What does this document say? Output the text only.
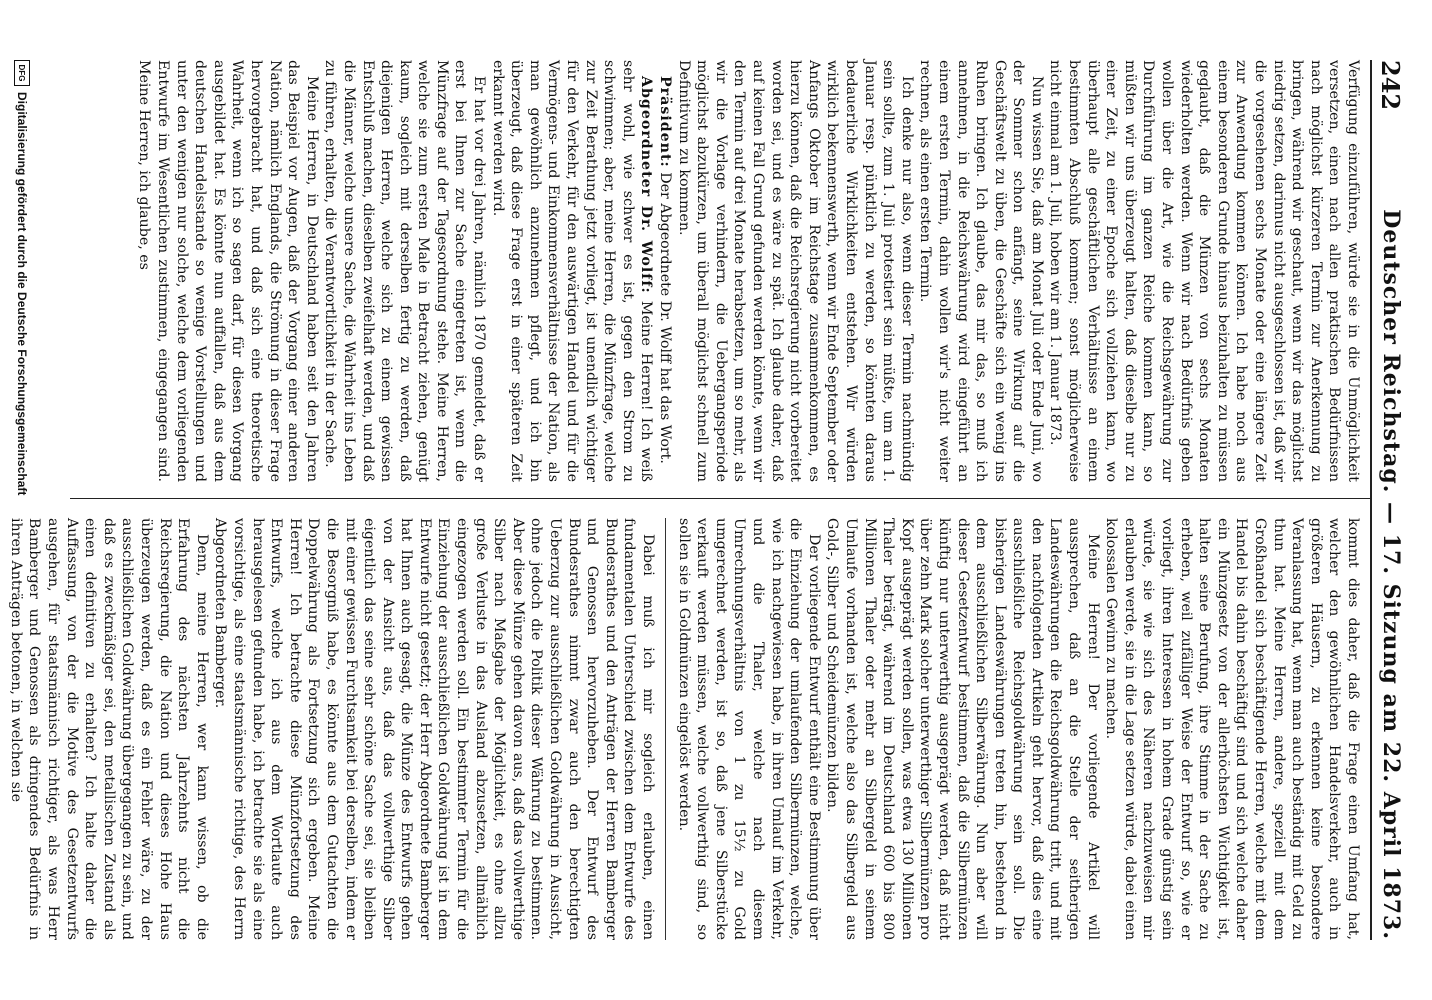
242
Deutscher Reichstag. — 17. Sitzung am 22. April 1873.

Verfügung einzuführen, würde sie in die Unmöglichkeit versetzen, einen nach allen praktischen Bedürfnissen nach möglichst kürzeren Termin zur Anerkennung zu bringen, während wir geschaut, wenn wir das möglichst niedrig setzen, darinnus nicht ausgeschlossen ist, daß wir die vorgesehenen sechs Monate oder eine längere Zeit zur Anwendung kommen können. Ich habe noch aus einem besonderen Grunde hinaus beizuhalten zu müssen geglaubt, daß die Münzen von sechs Monaten wiederholten werden. Wenn wir nach Bedürfnis geben wollen über die Art, wie die Reichsgewährung zur Durchführung im ganzen Reiche kommen kann, so müßten wir uns überzeugt halten, daß dieselbe nur zu einer Zeit, zu einer Epoche sich vollziehen kann, wo überhaupt alle geschäftlichen Verhältnisse an einem bestimmten Abschluß kommen; sonst möglicherweise nicht einmal am 1. Juli, hoben wir am 1. Januar 1873.

Nun wissen Sie, daß am Monat Juli oder Ende Juni, wo der Sommer schon anfängt, seine Wirkung auf die Geschäftswelt zu üben, die Geschäfte sich ein wenig ins Ruhen bringen. Ich glaube, das mir das, so muß ich annehmen, in die Reichswährung wird eingeführt an einem ersten Termin, dahin wollen wir's nicht weiter rechnen, als einen ersten Termin.

Ich denke nur also, wenn dieser Termin nachmündig sein sollte, zum 1. Juli protestiert sein müßte, um am 1. Januar resp. pünktlich zu werden, so könnten daraus bedauerliche Wirklichkeiten entstehen. Wir würden wirklich bekennenswerth, wenn wir Ende September oder Anfangs Oktober im Reichstage zusammenkommen, es hierzu können, daß die Reichsregierung nicht vorbereitet worden sei, und es wäre zu spät. Ich glaube daher, daß auf keinen Fall Grund gefunden werden könnte, wenn wir den Termin auf drei Monate herabsetzen, um so mehr, als wir die Vorlage verhindern, die Uebergangsperiode möglichst abzukürzen, um überall möglichst schnell zum Definitivum zu kommen.

Präsident: Der Abgeordnete Dr. Wolff hat das Wort.

Abgeordneter Dr. Wolff: Meine Herren! Ich weiß sehr wohl, wie schwer es ist, gegen den Strom zu schwimmen; aber, meine Herren, die Münzfrage, welche zur Zeit Berathung jetzt vorliegt, ist unendlich wichtiger für den Verkehr, für den auswärtigen Handel und für die Vermögens- und Einkommensverhältnisse der Nation, als man gewöhnlich anzunehmen pflegt, und ich bin überzeugt, daß diese Frage erst in einer späteren Zeit erkannt werden wird.

Er hat vor drei Jahren, nämlich 1870 gemeldet, daß er erst bei Ihnen zur Sache eingetreten ist, wenn die Münzfrage auf der Tagesordnung stehe. Meine Herren, welche sie zum ersten Male in Betracht ziehen, genügt kaum, sogleich mit derselben fertig zu werden, daß diejenigen Herren, welche sich zu einem gewissen Entschluß machen, dieselben zweifelhaft werden, und daß die Männer, welche unsere Sache, die Wahrheit ins Leben zu führen, erhalten, die Verantwortlichkeit in der Sache.

Meine Herren, in Deutschland haben seit den Jahren das Beispiel vor Augen, daß der Vorgang einer anderen Nation, nämlich Englands, die Strömung in dieser Frage hervorgebracht hat, und daß sich eine theoretische Wahrheit, wenn ich so sagen darf, für diesen Vorgang ausgebildet hat. Es könnte nun auffallen, daß aus dem deutschen Handelsstande so wenige Vorstellungen und unter den wenigen nur solche, welche dem vorliegenden Entwurfe im Wesentlichen zustimmen, eingegangen sind. Meine Herren, ich glaube, es

kommt dies daher, daß die Frage einen Umfang hat, welcher den gewöhnlichen Handelsverkehr, auch in größeren Häusern, zu erkennen keine besondere Veranlassung hat, wenn man auch beständig mit Geld zu thun hat. Meine Herren, andere, speziell mit dem Großhandel sich beschäftigende Herren, welche mit dem Handel bis dahin beschäftigt sind und sich welche daher ein Münzgesetz von der allerhöchsten Wichtigkeit ist, halten seine Berufung, ihre Stimme in der Sache zu erheben, weil zufälliger Weise der Entwurf so, wie er vorliegt, ihren Interessen in hohem Grade günstig sein würde, sie wie sich des Näheren nachzuweisen mir erlauben werde, sie in die Lage setzen würde, dabei einen kolossalen Gewinn zu machen.

Meine Herren! Der vorliegende Artikel will aussprechen, daß an die Stelle der seitherigen Landeswährungen die Reichsgoldwährung tritt, und mit den nachfolgenden Artikeln geht hervor, daß dies eine ausschließliche Reichsgoldwährung sein soll. Die bisherigen Landeswährungen treten hin, bestehend in dem ausschließlichen Silberwährung. Nun aber will dieser Gesetzentwurf bestimmen, daß die Silbermünzen künftig nur unterwerthig ausgeprägt werden, daß nicht über zehn Mark solcher unterwerthiger Silbermünzen pro Kopf ausgeprägt werden sollen, was etwa 130 Millionen Thaler beträgt, während im Deutschland 600 bis 800 Millionen Thaler oder mehr an Silbergeld in seinem Umlaufe vorhanden ist, welche also das Silbergeld aus Gold-, Silber und Scheidemünzen bilden.

Der vorliegende Entwurf enthält eine Bestimmung über die Einziehung der umlaufenden Silbermünzen, welche, wie ich nachgewiesen habe, in ihren Umlauf im Verkehr, und die Thaler, welche nach diesem Umrechnungsverhältnis von 1 zu 15½ zu Gold umgerechnet werden, ist so, daß jene Silberstücke verkauft werden müssen, welche vollwerthig sind, so sollen sie in Goldmünzen eingelöst werden.

Dabei muß ich mir sogleich erlauben, einen fundamentalen Unterschied zwischen dem Entwurfe des Bundesrathes und den Anträgen der Herren Bamberger und Genossen hervorzuheben. Der Entwurf des Bundesrathes nimmt zwar auch den berechtigten Ueberzug zur ausschließlichen Goldwährung in Aussicht, ohne jedoch die Politik dieser Währung zu bestimmen. Aber diese Münze gehen davon aus, daß das vollwerthige Silber nach Maßgabe der Möglichkeit, es ohne allzu große Verluste in das Ausland abzusetzen, allmählich eingezogen werden soll. Ein bestimmter Termin für die Einziehung der ausschließlichen Goldwährung ist in dem Entwurfe nicht gesetzt; der Herr Abgeordnete Bamberger hat Ihnen auch gesagt, die Münze des Entwurfs gehen von der Ansicht aus, daß das vollwerthige Silber eigentlich das seine sehr schöne Sache sei, sie bleiben mit einer gewissen Furchtsamkeit bei derselben, indem er die Besorgniß habe, es könnte aus dem Gutachten die Doppelwährung als Fortsetzung sich ergeben. Meine Herren! Ich betrachte diese Münzfortsetzung des Entwurfs, welche ich aus dem Wortlaute auch herausgelesen gefunden habe, ich betrachte sie als eine vorsichtige, als eine staatsmännische richtige, des Herrn Abgeordneten Bamberger.

Denn, meine Herren, wer kann wissen, ob die Erfahrung des nächsten Jahrzehnts nicht die Reichsregierung, die Nation und dieses Hohe Haus überzeugen werden, daß es ein Fehler wäre, zu der ausschließlichen Goldwährung übergegangen zu sein, und daß es zweckmäßiger sei, den metallischen Zustand als einen definitiven zu erhalten? Ich halte daher die Auffassung, von der die Motive des Gesetzentwurfs ausgehen, für staatsmännisch richtiger, als was Herr Bamberger und Genossen als dringendes Bedürfnis in ihren Anträgen betonen, in welchen sie

DFG
Digitalisierung gefördert durch die Deutsche Forschungsgemeinschaft
